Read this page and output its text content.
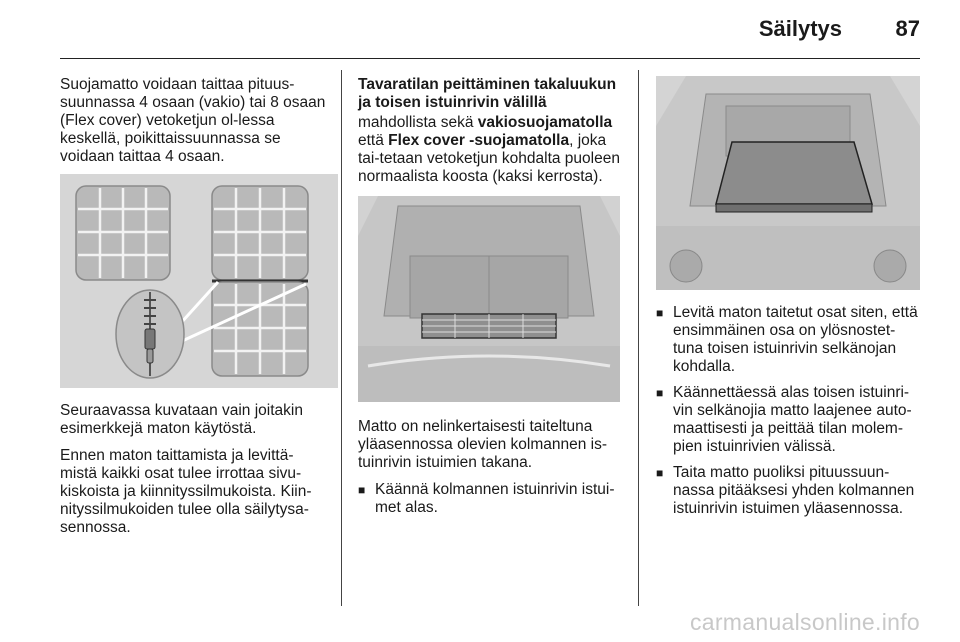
Säilytys 87

Suojamatto voidaan taittaa pituus-suunnassa 4 osaan (vakio) tai 8 osaan (Flex cover) vetoketjun ol-lessa keskellä, poikittaissuunnassa se voidaan taittaa 4 osaan.

Seuraavassa kuvataan vain joitakin esimerkkejä maton käytöstä.

Ennen maton taittamista ja levittä-mistä kaikki osat tulee irrottaa sivu-kiskoista ja kiinnityssilmukoista. Kiin-nityssilmukoiden tulee olla säilytysa-sennossa.

Tavaratilan peittäminen takaluukun ja toisen istuinrivin välillä

mahdollista sekä vakiosuojamatolla että Flex cover -suojamatolla, joka tai-tetaan vetoketjun kohdalta puoleen normaalista koosta (kaksi kerrosta).

Matto on nelinkertaisesti taiteltuna yläasennossa olevien kolmannen is-tuinrivin istuimien takana.

■ Käännä kolmannen istuinrivin istui-met alas.
■ Levitä maton taitetut osat siten, että ensimmäinen osa on ylösnostet-tuna toisen istuinrivin selkänojan kohdalla.
■ Käännettäessä alas toisen istuinri-vin selkänojia matto laajenee auto-maattisesti ja peittää tilan molem-pien istuinrivien välissä.
■ Taita matto puoliksi pituussuun-nassa pitääksesi yhden kolmannen istuinrivin istuimen yläasennossa.
carmanualsonline.info
